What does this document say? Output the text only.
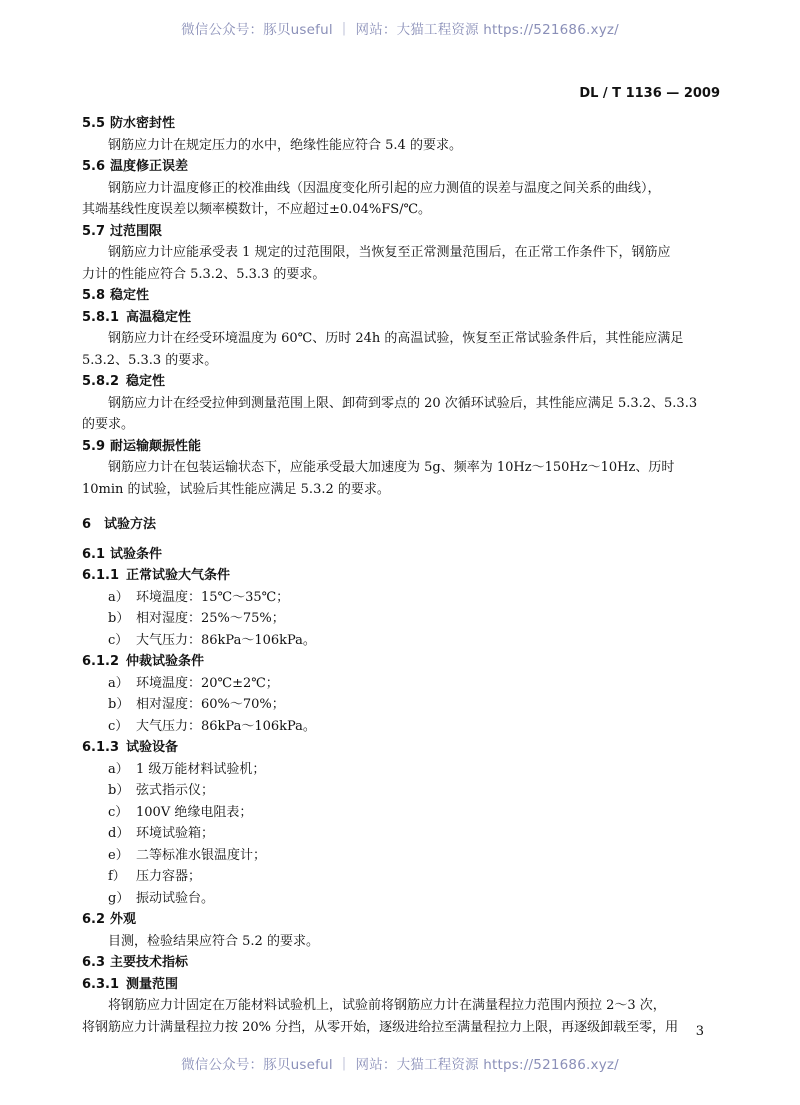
微信公众号：豚贝useful ｜ 网站：大猫工程资源 https://521686.xyz/
DL / T 1136 — 2009
5.5 防水密封性
钢筋应力计在规定压力的水中，绝缘性能应符合 5.4 的要求。
5.6 温度修正误差
钢筋应力计温度修正的校准曲线（因温度变化所引起的应力测值的误差与温度之间关系的曲线），
其端基线性度误差以频率模数计，不应超过±0.04%FS/℃。
5.7 过范围限
钢筋应力计应能承受表 1 规定的过范围限，当恢复至正常测量范围后，在正常工作条件下，钢筋应
力计的性能应符合 5.3.2、5.3.3 的要求。
5.8 稳定性
5.8.1 高温稳定性
钢筋应力计在经受环境温度为 60℃、历时 24h 的高温试验，恢复至正常试验条件后，其性能应满足
5.3.2、5.3.3 的要求。
5.8.2 稳定性
钢筋应力计在经受拉伸到测量范围上限、卸荷到零点的 20 次循环试验后，其性能应满足 5.3.2、5.3.3
的要求。
5.9 耐运输颠振性能
钢筋应力计在包装运输状态下，应能承受最大加速度为 5g、频率为 10Hz～150Hz～10Hz、历时
10min 的试验，试验后其性能应满足 5.3.2 的要求。
6 试验方法
6.1 试验条件
6.1.1 正常试验大气条件
a） 环境温度：15℃～35℃；
b） 相对湿度：25%～75%；
c） 大气压力：86kPa～106kPa。
6.1.2 仲裁试验条件
a） 环境温度：20℃±2℃；
b） 相对湿度：60%～70%；
c） 大气压力：86kPa～106kPa。
6.1.3 试验设备
a） 1 级万能材料试验机；
b） 弦式指示仪；
c） 100V 绝缘电阻表；
d） 环境试验箱；
e） 二等标准水银温度计；
f） 压力容器；
g） 振动试验台。
6.2 外观
目测，检验结果应符合 5.2 的要求。
6.3 主要技术指标
6.3.1 测量范围
将钢筋应力计固定在万能材料试验机上，试验前将钢筋应力计在满量程拉力范围内预拉 2～3 次，
将钢筋应力计满量程拉力按 20% 分挡，从零开始，逐级进给拉至满量程拉力上限，再逐级卸载至零，用	3
微信公众号：豚贝useful ｜ 网站：大猫工程资源 https://521686.xyz/
